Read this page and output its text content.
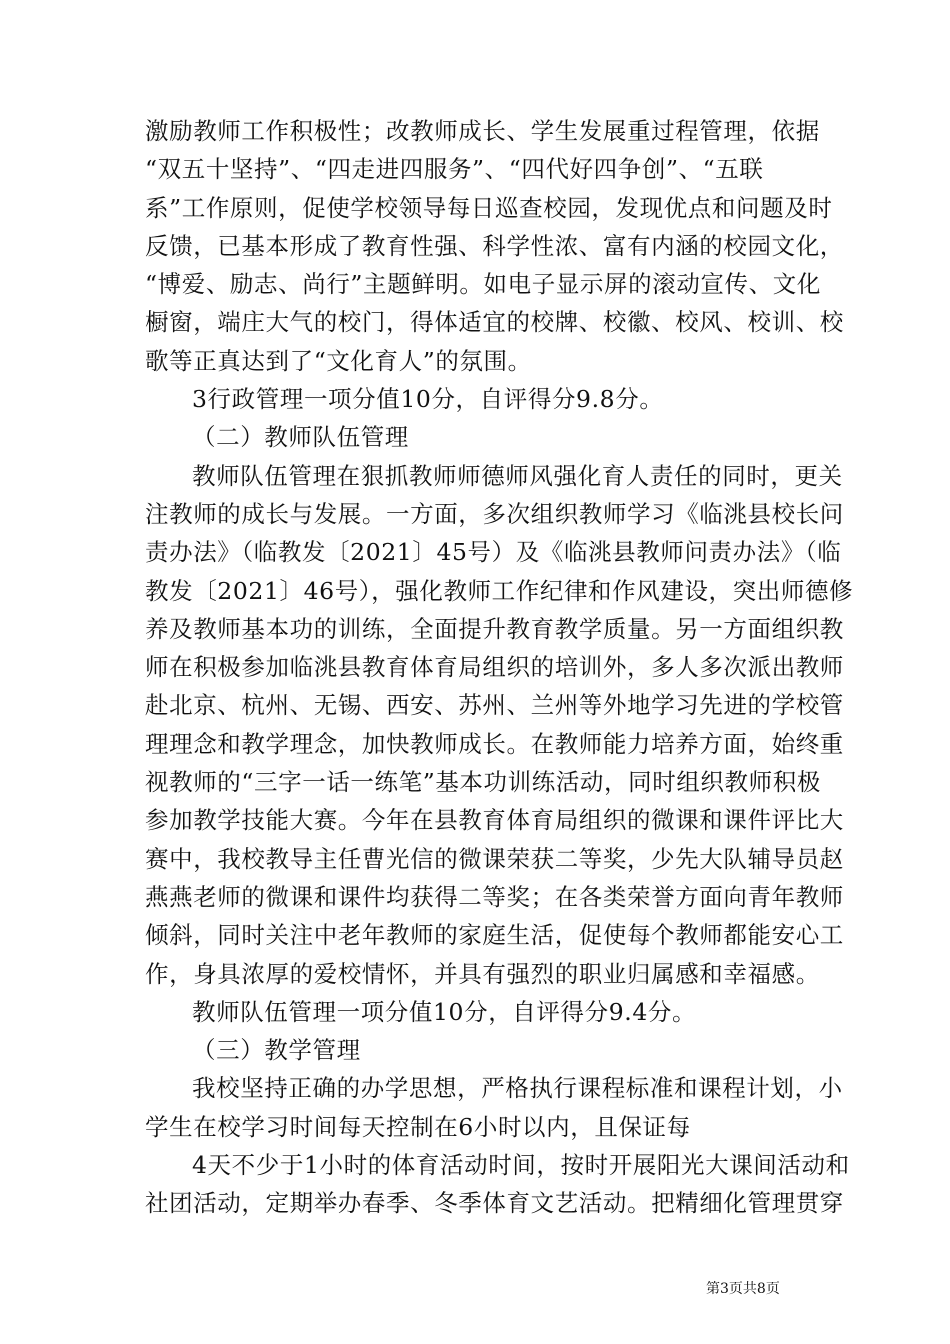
激励教师工作积极性；改教师成长、学生发展重过程管理，依据
“双五十坚持”、“四走进四服务”、“四代好四争创”、“五联
系”工作原则，促使学校领导每日巡查校园，发现优点和问题及时
反馈，已基本形成了教育性强、科学性浓、富有内涵的校园文化，
“博爱、励志、尚行”主题鲜明。如电子显示屏的滚动宣传、文化
橱窗，端庄大气的校门，得体适宜的校牌、校徽、校风、校训、校
歌等正真达到了“文化育人”的氛围。
3行政管理一项分值10分，自评得分9.8分。
（二）教师队伍管理
教师队伍管理在狠抓教师师德师风强化育人责任的同时，更关
注教师的成长与发展。一方面，多次组织教师学习《临洮县校长问
责办法》（临教发〔2021〕45号）及《临洮县教师问责办法》（临
教发〔2021〕46号），强化教师工作纪律和作风建设，突出师德修
养及教师基本功的训练，全面提升教育教学质量。另一方面组织教
师在积极参加临洮县教育体育局组织的培训外，多人多次派出教师
赴北京、杭州、无锡、西安、苏州、兰州等外地学习先进的学校管
理理念和教学理念，加快教师成长。在教师能力培养方面，始终重
视教师的“三字一话一练笔”基本功训练活动，同时组织教师积极
参加教学技能大赛。今年在县教育体育局组织的微课和课件评比大
赛中，我校教导主任曹光信的微课荣获二等奖，少先大队辅导员赵
燕燕老师的微课和课件均获得二等奖；在各类荣誉方面向青年教师
倾斜，同时关注中老年教师的家庭生活，促使每个教师都能安心工
作，身具浓厚的爱校情怀，并具有强烈的职业归属感和幸福感。
教师队伍管理一项分值10分，自评得分9.4分。
（三）教学管理
我校坚持正确的办学思想，严格执行课程标准和课程计划，小
学生在校学习时间每天控制在6小时以内，且保证每
4天不少于1小时的体育活动时间，按时开展阳光大课间活动和
社团活动，定期举办春季、冬季体育文艺活动。把精细化管理贯穿
第3页共8页
